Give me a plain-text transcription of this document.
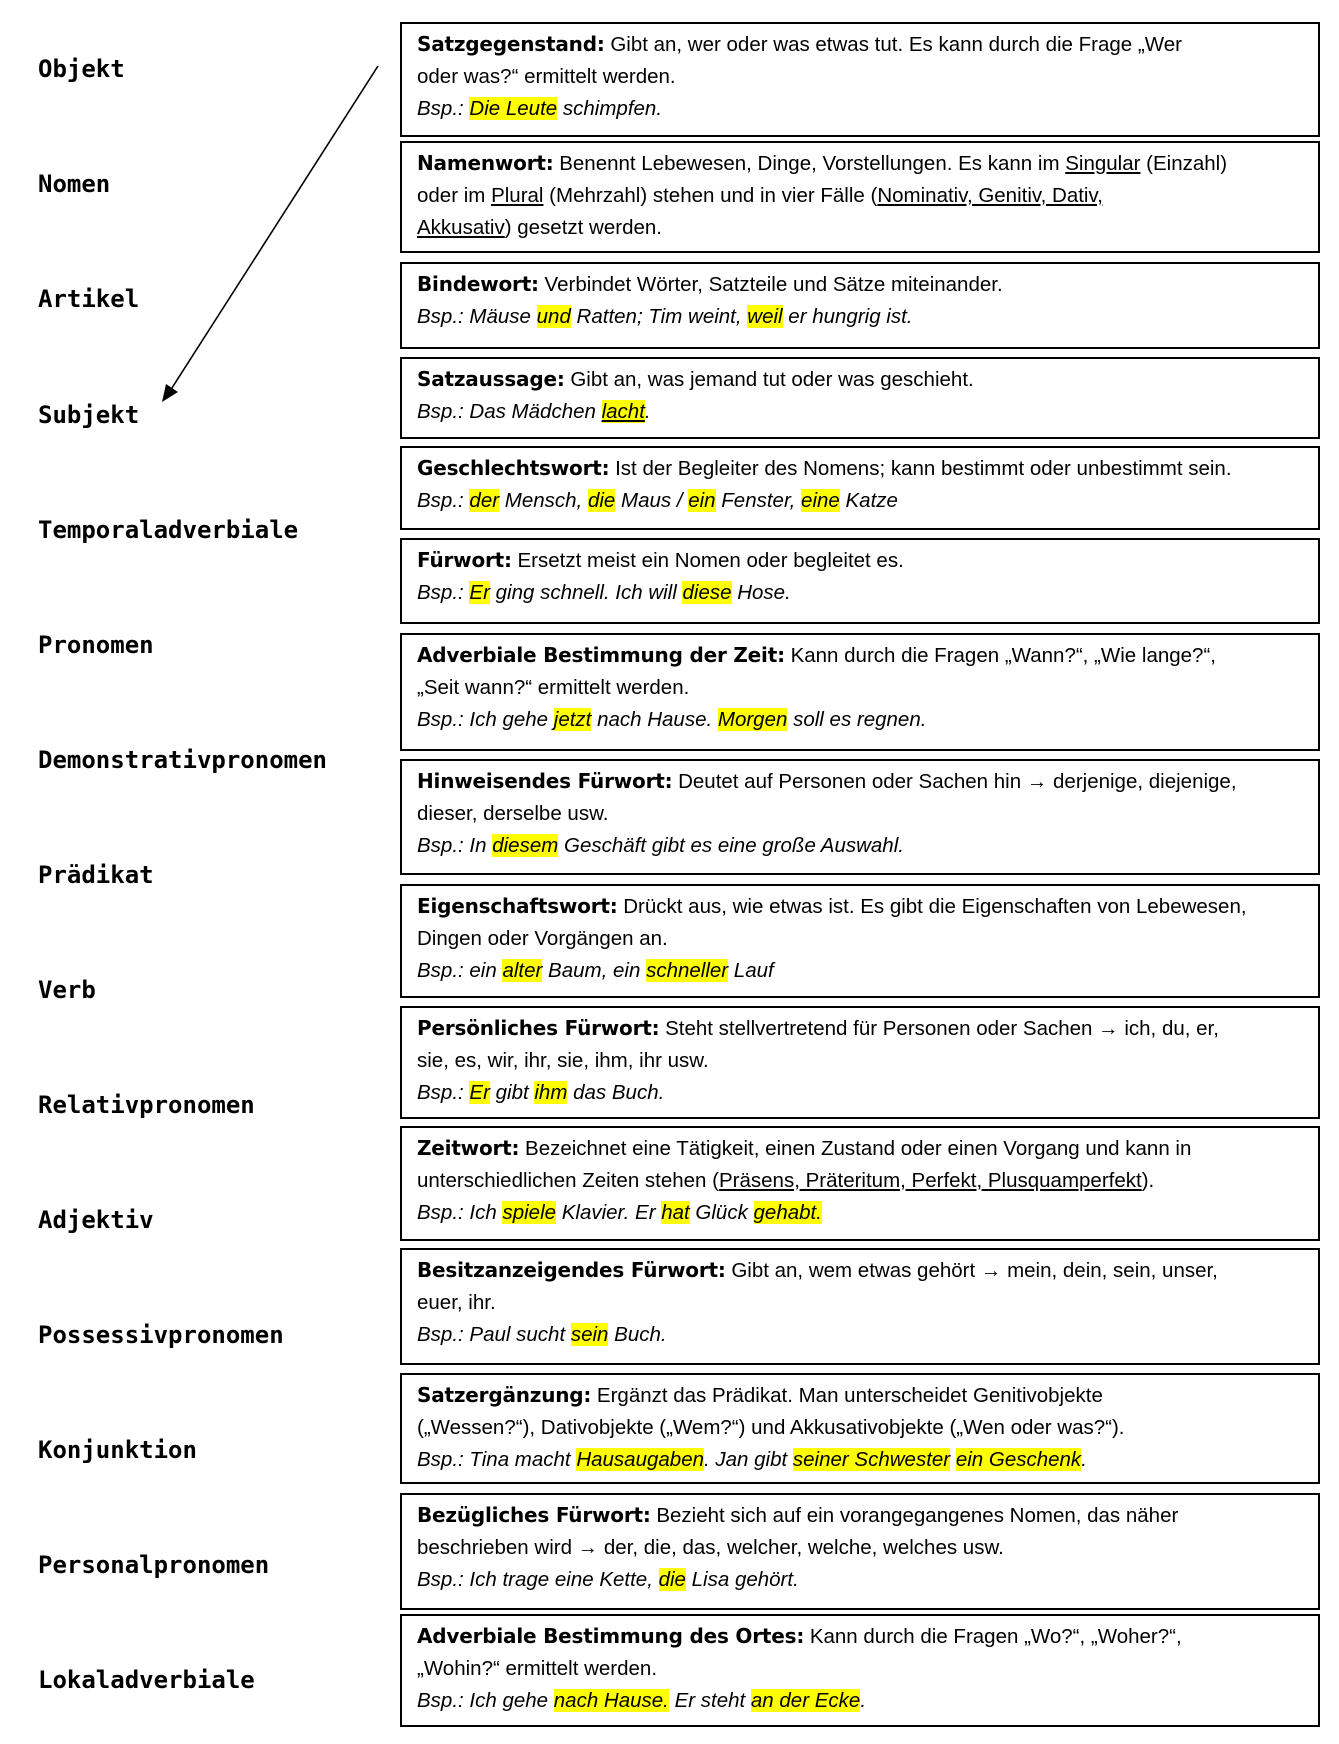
Objekt
Nomen
Artikel
Subjekt
Temporaladverbiale
Pronomen
Demonstrativpronomen
Prädikat
Verb
Relativpronomen
Adjektiv
Possessivpronomen
Konjunktion
Personalpronomen
Lokaladverbiale
Satzgegenstand: Gibt an, wer oder was etwas tut. Es kann durch die Frage „Wer
oder was?“ ermittelt werden.
Bsp.: Die Leute schimpfen.
Namenwort: Benennt Lebewesen, Dinge, Vorstellungen. Es kann im Singular (Einzahl)
oder im Plural (Mehrzahl) stehen und in vier Fälle (Nominativ, Genitiv, Dativ,
Akkusativ) gesetzt werden.
Bindewort: Verbindet Wörter, Satzteile und Sätze miteinander.
Bsp.: Mäuse und Ratten; Tim weint, weil er hungrig ist.
Satzaussage: Gibt an, was jemand tut oder was geschieht.
Bsp.: Das Mädchen lacht.
Geschlechtswort: Ist der Begleiter des Nomens; kann bestimmt oder unbestimmt sein.
Bsp.: der Mensch, die Maus / ein Fenster, eine Katze
Fürwort: Ersetzt meist ein Nomen oder begleitet es.
Bsp.: Er ging schnell. Ich will diese Hose.
Adverbiale Bestimmung der Zeit: Kann durch die Fragen „Wann?“, „Wie lange?“,
„Seit wann?“ ermittelt werden.
Bsp.: Ich gehe jetzt nach Hause. Morgen soll es regnen.
Hinweisendes Fürwort: Deutet auf Personen oder Sachen hin → derjenige, diejenige,
dieser, derselbe usw.
Bsp.: In diesem Geschäft gibt es eine große Auswahl.
Eigenschaftswort: Drückt aus, wie etwas ist. Es gibt die Eigenschaften von Lebewesen,
Dingen oder Vorgängen an.
Bsp.: ein alter Baum, ein schneller Lauf
Persönliches Fürwort: Steht stellvertretend für Personen oder Sachen → ich, du, er,
sie, es, wir, ihr, sie, ihm, ihr usw.
Bsp.: Er gibt ihm das Buch.
Zeitwort: Bezeichnet eine Tätigkeit, einen Zustand oder einen Vorgang und kann in
unterschiedlichen Zeiten stehen (Präsens, Präteritum, Perfekt, Plusquamperfekt).
Bsp.: Ich spiele Klavier. Er hat Glück gehabt.
Besitzanzeigendes Fürwort: Gibt an, wem etwas gehört → mein, dein, sein, unser,
euer, ihr.
Bsp.: Paul sucht sein Buch.
Satzergänzung: Ergänzt das Prädikat. Man unterscheidet Genitivobjekte
(„Wessen?“), Dativobjekte („Wem?“) und Akkusativobjekte („Wen oder was?“).
Bsp.: Tina macht Hausaugaben. Jan gibt seiner Schwester ein Geschenk.
Bezügliches Fürwort: Bezieht sich auf ein vorangegangenes Nomen, das näher
beschrieben wird → der, die, das, welcher, welche, welches usw.
Bsp.: Ich trage eine Kette, die Lisa gehört.
Adverbiale Bestimmung des Ortes: Kann durch die Fragen „Wo?“, „Woher?“,
„Wohin?“ ermittelt werden.
Bsp.: Ich gehe nach Hause. Er steht an der Ecke.
